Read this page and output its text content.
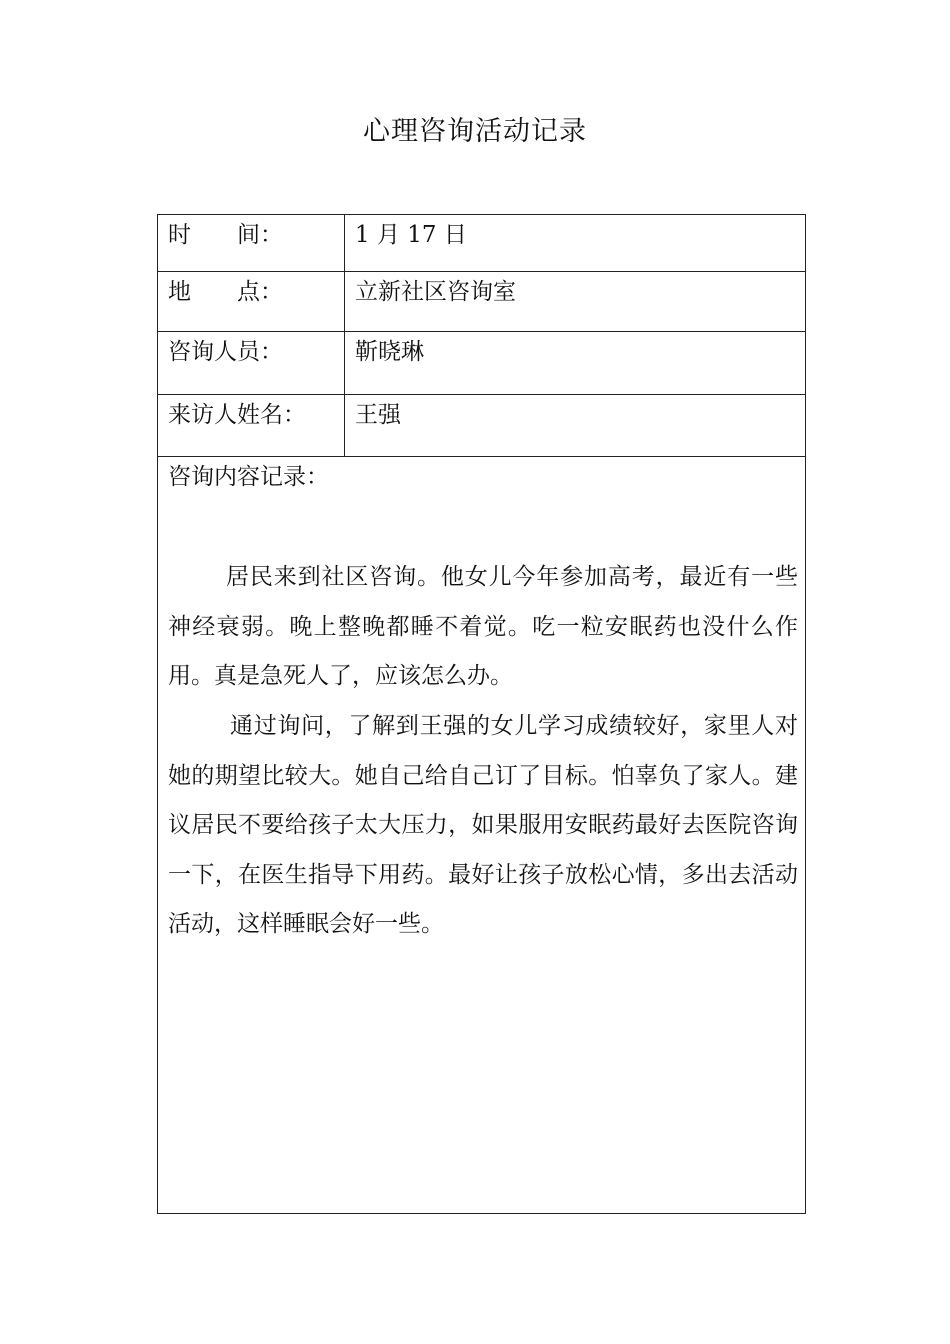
心理咨询活动记录
时　　间：	1 月 17 日
地　　点：	立新社区咨询室
咨询人员：	靳晓琳
来访人姓名： 王强
咨询内容记录：

居民来到社区咨询。他女儿今年参加高考，最近有一些神经衰弱。晚上整晚都睡不着觉。吃一粒安眠药也没什么作用。真是急死人了，应该怎么办。

通过询问，了解到王强的女儿学习成绩较好，家里人对她的期望比较大。她自己给自己订了目标。怕辜负了家人。建议居民不要给孩子太大压力，如果服用安眠药最好去医院咨询一下，在医生指导下用药。最好让孩子放松心情，多出去活动活动，这样睡眠会好一些。
